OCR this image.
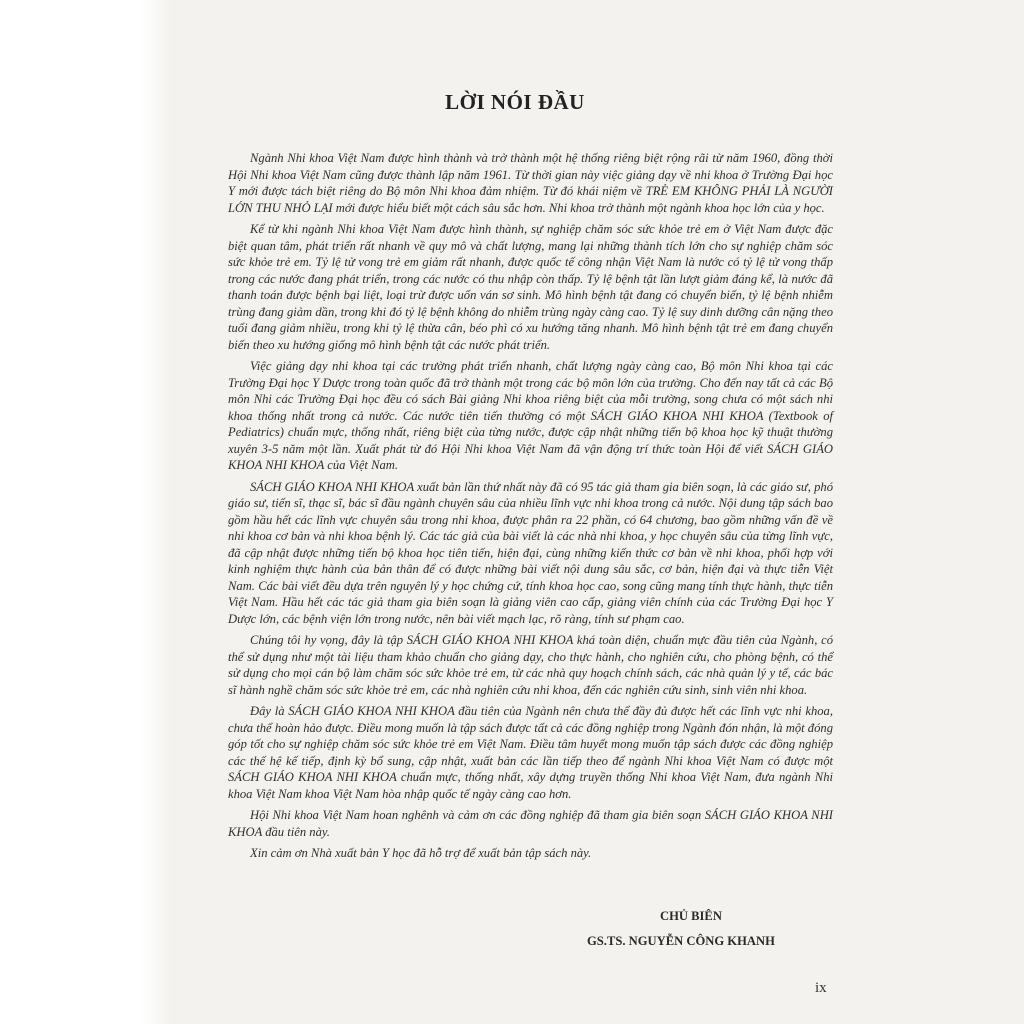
LỜI NÓI ĐẦU

Ngành Nhi khoa Việt Nam được hình thành và trở thành một hệ thống riêng biệt rộng rãi từ năm 1960, đồng thời Hội Nhi khoa Việt Nam cũng được thành lập năm 1961. Từ thời gian này việc giảng dạy về nhi khoa ở Trường Đại học Y mới được tách biệt riêng do Bộ môn Nhi khoa đảm nhiệm. Từ đó khái niệm về TRẺ EM KHÔNG PHẢI LÀ NGƯỜI LỚN THU NHỎ LẠI mới được hiểu biết một cách sâu sắc hơn. Nhi khoa trở thành một ngành khoa học lớn của y học.

Kể từ khi ngành Nhi khoa Việt Nam được hình thành, sự nghiệp chăm sóc sức khỏe trẻ em ở Việt Nam được đặc biệt quan tâm, phát triển rất nhanh về quy mô và chất lượng, mang lại những thành tích lớn cho sự nghiệp chăm sóc sức khỏe trẻ em. Tỷ lệ tử vong trẻ em giảm rất nhanh, được quốc tế công nhận Việt Nam là nước có tỷ lệ tử vong thấp trong các nước đang phát triển, trong các nước có thu nhập còn thấp. Tỷ lệ bệnh tật lần lượt giảm đáng kể, là nước đã thanh toán được bệnh bại liệt, loại trừ được uốn ván sơ sinh. Mô hình bệnh tật đang có chuyển biến, tỷ lệ bệnh nhiễm trùng đang giảm dần, trong khi đó tỷ lệ bệnh không do nhiễm trùng ngày càng cao. Tỷ lệ suy dinh dưỡng cân nặng theo tuổi đang giảm nhiều, trong khi tỷ lệ thừa cân, béo phì có xu hướng tăng nhanh. Mô hình bệnh tật trẻ em đang chuyển biến theo xu hướng giống mô hình bệnh tật các nước phát triển.

Việc giảng dạy nhi khoa tại các trường phát triển nhanh, chất lượng ngày càng cao, Bộ môn Nhi khoa tại các Trường Đại học Y Dược trong toàn quốc đã trở thành một trong các bộ môn lớn của trường. Cho đến nay tất cả các Bộ môn Nhi các Trường Đại học đều có sách Bài giảng Nhi khoa riêng biệt của mỗi trường, song chưa có một sách nhi khoa thống nhất trong cả nước. Các nước tiên tiến thường có một SÁCH GIÁO KHOA NHI KHOA (Textbook of Pediatrics) chuẩn mực, thống nhất, riêng biệt của từng nước, được cập nhật những tiến bộ khoa học kỹ thuật thường xuyên 3-5 năm một lần. Xuất phát từ đó Hội Nhi khoa Việt Nam đã vận động trí thức toàn Hội để viết SÁCH GIÁO KHOA NHI KHOA của Việt Nam.

SÁCH GIÁO KHOA NHI KHOA xuất bản lần thứ nhất này đã có 95 tác giả tham gia biên soạn, là các giáo sư, phó giáo sư, tiến sĩ, thạc sĩ, bác sĩ đầu ngành chuyên sâu của nhiều lĩnh vực nhi khoa trong cả nước. Nội dung tập sách bao gồm hầu hết các lĩnh vực chuyên sâu trong nhi khoa, được phân ra 22 phần, có 64 chương, bao gồm những vấn đề về nhi khoa cơ bản và nhi khoa bệnh lý. Các tác giả của bài viết là các nhà nhi khoa, y học chuyên sâu của từng lĩnh vực, đã cập nhật được những tiến bộ khoa học tiên tiến, hiện đại, cùng những kiến thức cơ bản về nhi khoa, phối hợp với kinh nghiệm thực hành của bản thân để có được những bài viết nội dung sâu sắc, cơ bản, hiện đại và thực tiễn Việt Nam. Các bài viết đều dựa trên nguyên lý y học chứng cứ, tính khoa học cao, song cũng mang tính thực hành, thực tiễn Việt Nam. Hầu hết các tác giả tham gia biên soạn là giảng viên cao cấp, giảng viên chính của các Trường Đại học Y Dược lớn, các bệnh viện lớn trong nước, nên bài viết mạch lạc, rõ ràng, tính sư phạm cao.

Chúng tôi hy vọng, đây là tập SÁCH GIÁO KHOA NHI KHOA khá toàn diện, chuẩn mực đầu tiên của Ngành, có thể sử dụng như một tài liệu tham khảo chuẩn cho giảng dạy, cho thực hành, cho nghiên cứu, cho phòng bệnh, có thể sử dụng cho mọi cán bộ làm chăm sóc sức khỏe trẻ em, từ các nhà quy hoạch chính sách, các nhà quản lý y tế, các bác sĩ hành nghề chăm sóc sức khỏe trẻ em, các nhà nghiên cứu nhi khoa, đến các nghiên cứu sinh, sinh viên nhi khoa.

Đây là SÁCH GIÁO KHOA NHI KHOA đầu tiên của Ngành nên chưa thể đầy đủ được hết các lĩnh vực nhi khoa, chưa thể hoàn hảo được. Điều mong muốn là tập sách được tất cả các đồng nghiệp trong Ngành đón nhận, là một đóng góp tốt cho sự nghiệp chăm sóc sức khỏe trẻ em Việt Nam. Điều tâm huyết mong muốn tập sách được các đồng nghiệp các thế hệ kế tiếp, định kỳ bổ sung, cập nhật, xuất bản các lần tiếp theo để ngành Nhi khoa Việt Nam có được một SÁCH GIÁO KHOA NHI KHOA chuẩn mực, thống nhất, xây dựng truyền thống Nhi khoa Việt Nam, đưa ngành Nhi khoa Việt Nam khoa Việt Nam hòa nhập quốc tế ngày càng cao hơn.

Hội Nhi khoa Việt Nam hoan nghênh và cảm ơn các đồng nghiệp đã tham gia biên soạn SÁCH GIÁO KHOA NHI KHOA đầu tiên này.

Xin cảm ơn Nhà xuất bản Y học đã hỗ trợ để xuất bản tập sách này.

CHỦ BIÊN
GS.TS. NGUYỄN CÔNG KHANH
ix
